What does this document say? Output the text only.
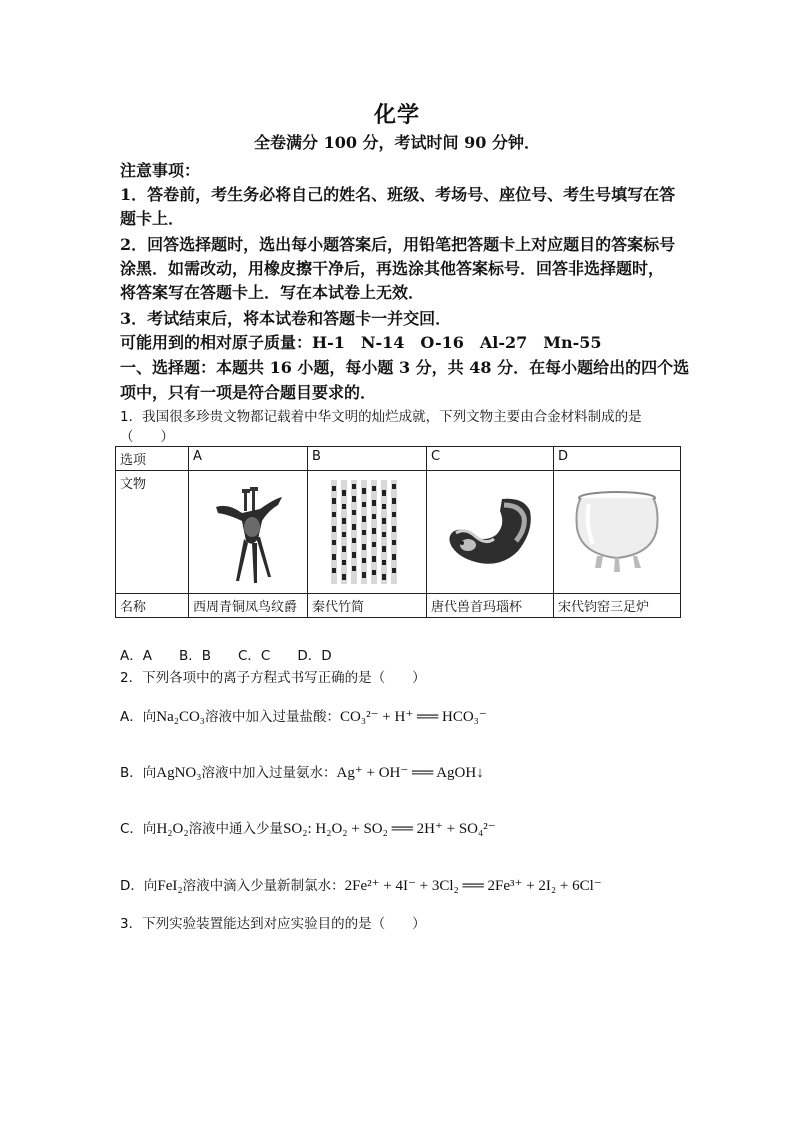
化学
全卷满分 100 分，考试时间 90 分钟．
注意事项：
1．答卷前，考生务必将自己的姓名、班级、考场号、座位号、考生号填写在答
题卡上．
2．回答选择题时，选出每小题答案后，用铅笔把答题卡上对应题目的答案标号
涂黑．如需改动，用橡皮擦干净后，再选涂其他答案标号．回答非选择题时，
将答案写在答题卡上．写在本试卷上无效．
3．考试结束后，将本试卷和答题卡一并交回．
可能用到的相对原子质量：H-1　N-14　O-16　Al-27　Mn-55
一、选择题：本题共 16 小题，每小题 3 分，共 48 分．在每小题给出的四个选
项中，只有一项是符合题目要求的．
1．我国很多珍贵文物都记载着中华文明的灿烂成就，下列文物主要由合金材料制成的是
（　　）
选项	A	B	C	D
文物	

名称	西周青铜凤鸟纹爵	秦代竹简	唐代兽首玛瑙杯	宋代钧窑三足炉
A．A　　B．B　　C．C　　D．D
2．下列各项中的离子方程式书写正确的是（　　）
A．向Na₂CO₃溶液中加入过量盐酸：CO₃²⁻ + H⁺ ══ HCO₃⁻
B．向AgNO₃溶液中加入过量氨水：Ag⁺ + OH⁻ ══ AgOH↓
C．向H₂O₂溶液中通入少量SO₂: H₂O₂ + SO₂ ══ 2H⁺ + SO₄²⁻
D．向FeI₂溶液中滴入少量新制氯水：2Fe²⁺ + 4I⁻ + 3Cl₂ ══ 2Fe³⁺ + 2I₂ + 6Cl⁻
3．下列实验装置能达到对应实验目的的是（　　）
